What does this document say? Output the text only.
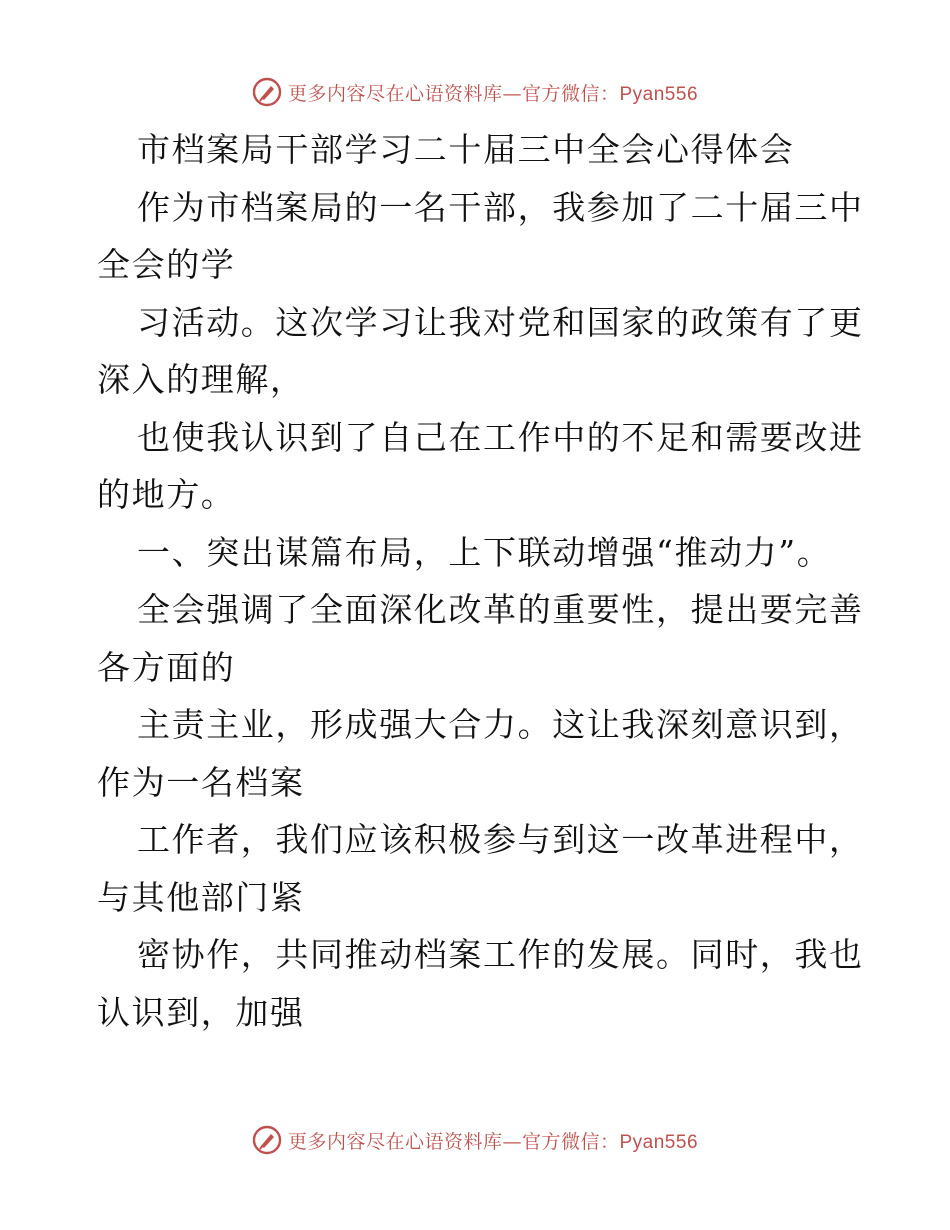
更多内容尽在心语资料库—官方微信：Pyan556
市档案局干部学习二十届三中全会心得体会
作为市档案局的一名干部，我参加了二十届三中
全会的学
习活动。这次学习让我对党和国家的政策有了更
深入的理解，
也使我认识到了自己在工作中的不足和需要改进
的地方。
一、突出谋篇布局，上下联动增强“推动力”。
全会强调了全面深化改革的重要性，提出要完善
各方面的
主责主业，形成强大合力。这让我深刻意识到，
作为一名档案
工作者，我们应该积极参与到这一改革进程中，
与其他部门紧
密协作，共同推动档案工作的发展。同时，我也
认识到，加强
更多内容尽在心语资料库—官方微信：Pyan556
